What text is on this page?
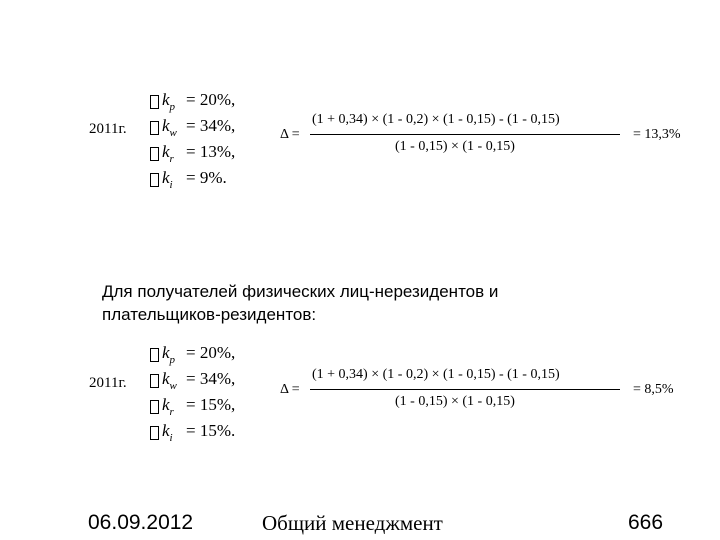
2011г.
$k_p = 20\%$,
$k_w = 34\%$,
$k_r = 13\%$,
$k_i = 9\%$.
Δ =
(1 + 0,34) × (1 - 0,2) × (1 - 0,15) - (1 - 0,15)
(1 - 0,15) × (1 - 0,15)
= 13,3%
Для получателей физических лиц-нерезидентов и
плательщиков-резидентов:
2011г.
$k_p = 20\%$,
$k_w = 34\%$,
$k_r = 15\%$,
$k_i = 15\%$.
Δ =
(1 + 0,34) × (1 - 0,2) × (1 - 0,15) - (1 - 0,15)
(1 - 0,15) × (1 - 0,15)
= 8,5%
06.09.2012	Общий менеджмент	666
